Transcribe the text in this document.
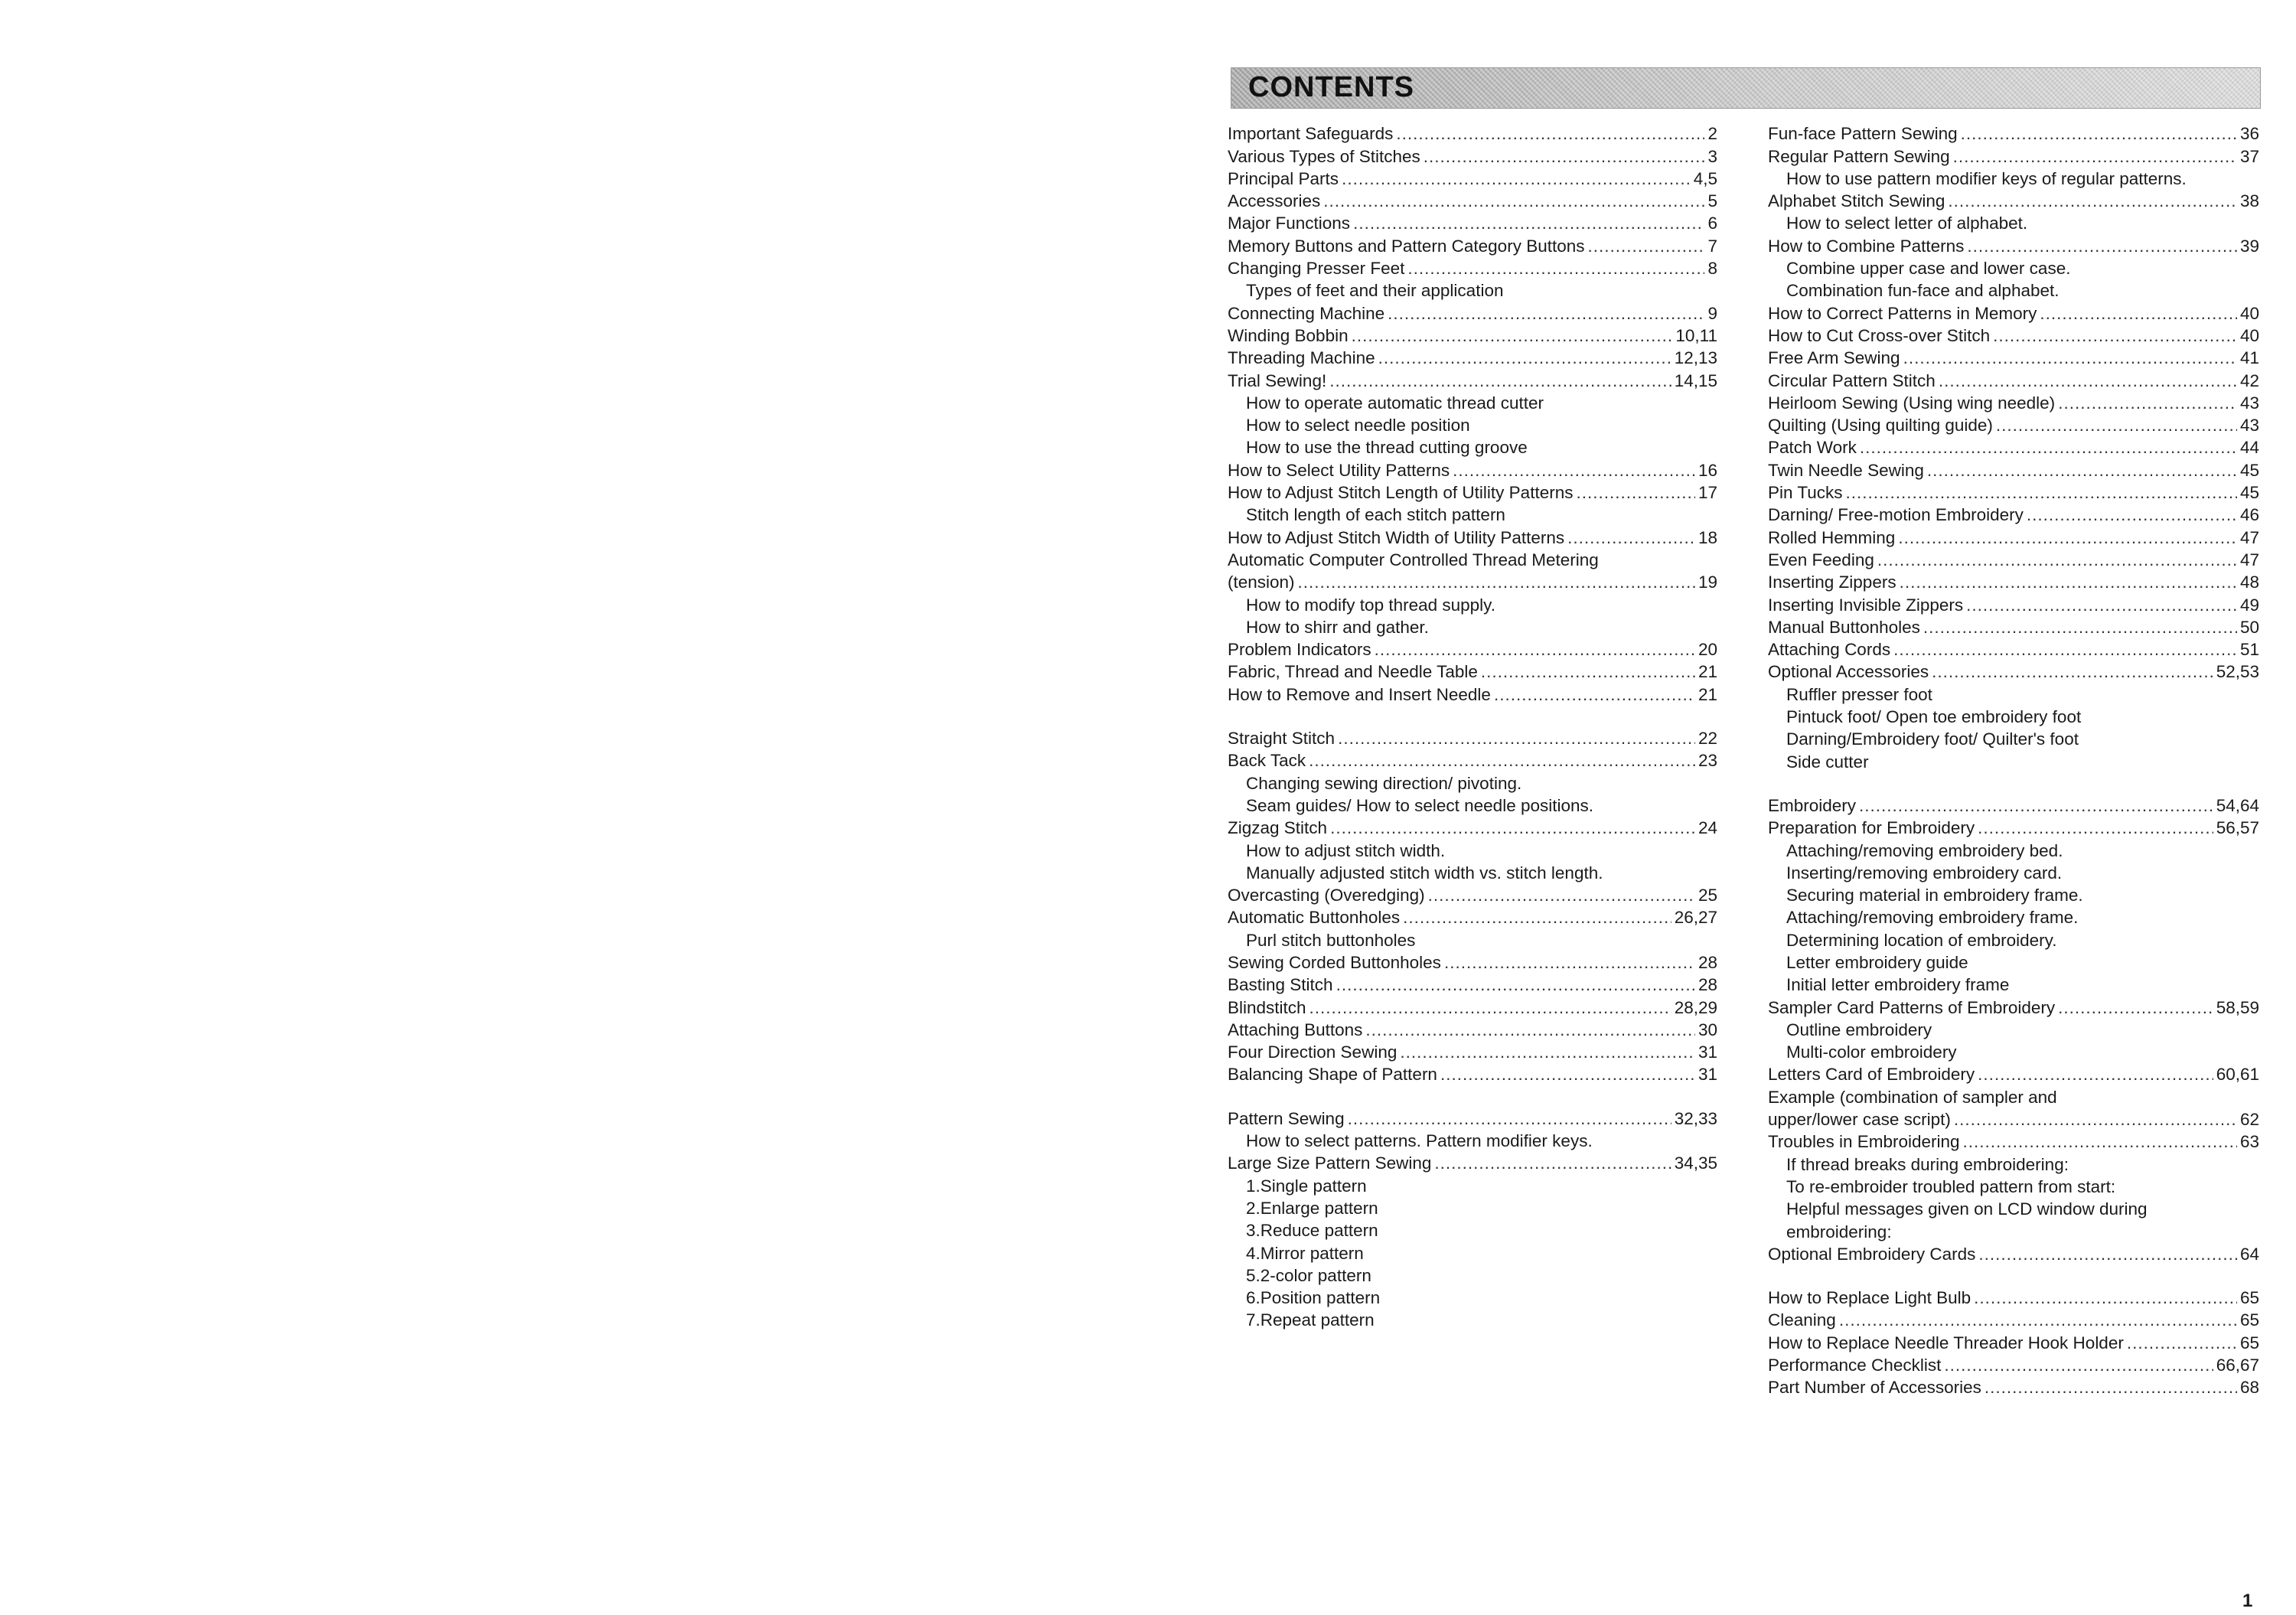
CONTENTS
Important Safeguards .....	2
Various Types of Stitches .....	3
Principal Parts .....	4,5
Accessories .....	5
Major Functions .....	6
Memory Buttons and Pattern Category Buttons .....	7
Changing Presser Feet .....	8
Types of feet and their application
Connecting Machine .....	9
Winding Bobbin .....	10,11
Threading Machine .....	12,13
Trial Sewing! .....	14,15
How to operate automatic thread cutter
How to select needle position
How to use the thread cutting groove
How to Select Utility Patterns .....	16
How to Adjust Stitch Length of Utility Patterns .....	17
Stitch length of each stitch pattern
How to Adjust Stitch Width of Utility Patterns .....	18
Automatic Computer Controlled Thread Metering
(tension) .....	19
How to modify top thread supply.
How to shirr and gather.
Problem Indicators .....	20
Fabric, Thread and Needle Table .....	21
How to Remove and Insert Needle .....	21
Straight Stitch .....	22
Back Tack .....	23
Changing sewing direction/ pivoting.
Seam guides/ How to select needle positions.
Zigzag Stitch .....	24
How to adjust stitch width.
Manually adjusted stitch width vs. stitch length.
Overcasting (Overedging) .....	25
Automatic Buttonholes .....	26,27
Purl stitch buttonholes
Sewing Corded Buttonholes .....	28
Basting Stitch .....	28
Blindstitch .....	28,29
Attaching Buttons .....	30
Four Direction Sewing .....	31
Balancing Shape of Pattern .....	31
Pattern Sewing .....	32,33
How to select patterns. Pattern modifier keys.
Large Size Pattern Sewing .....	34,35
1.Single pattern
2.Enlarge pattern
3.Reduce pattern
4.Mirror pattern
5.2-color pattern
6.Position pattern
7.Repeat pattern
Fun-face Pattern Sewing .....	36
Regular Pattern Sewing .....	37
How to use pattern modifier keys of regular patterns.
Alphabet Stitch Sewing .....	38
How to select letter of alphabet.
How to Combine Patterns .....	39
Combine upper case and lower case.
Combination fun-face and alphabet.
How to Correct Patterns in Memory .....	40
How to Cut Cross-over Stitch .....	40
Free Arm Sewing .....	41
Circular Pattern Stitch .....	42
Heirloom Sewing (Using wing needle) .....	43
Quilting (Using quilting guide) .....	43
Patch Work .....	44
Twin Needle Sewing .....	45
Pin Tucks .....	45
Darning/ Free-motion Embroidery .....	46
Rolled Hemming .....	47
Even Feeding .....	47
Inserting Zippers .....	48
Inserting Invisible Zippers .....	49
Manual Buttonholes .....	50
Attaching Cords .....	51
Optional Accessories .....	52,53
Ruffler presser foot
Pintuck foot/ Open toe embroidery foot
Darning/Embroidery foot/ Quilter's foot
Side cutter
Embroidery .....	54,64
Preparation for Embroidery .....	56,57
Attaching/removing embroidery bed.
Inserting/removing embroidery card.
Securing material in embroidery frame.
Attaching/removing embroidery frame.
Determining location of embroidery.
Letter embroidery guide
Initial letter embroidery frame
Sampler Card Patterns of Embroidery .....	58,59
Outline embroidery
Multi-color embroidery
Letters Card of Embroidery .....	60,61
Example (combination of sampler and
upper/lower case script) .....	62
Troubles in Embroidering .....	63
If thread breaks during embroidering:
To re-embroider troubled pattern from start:
Helpful messages given on LCD window during
embroidering:
Optional Embroidery Cards .....	64
How to Replace Light Bulb .....	65
Cleaning .....	65
How to Replace Needle Threader Hook Holder .....	65
Performance Checklist .....	66,67
Part Number of Accessories .....	68
1
